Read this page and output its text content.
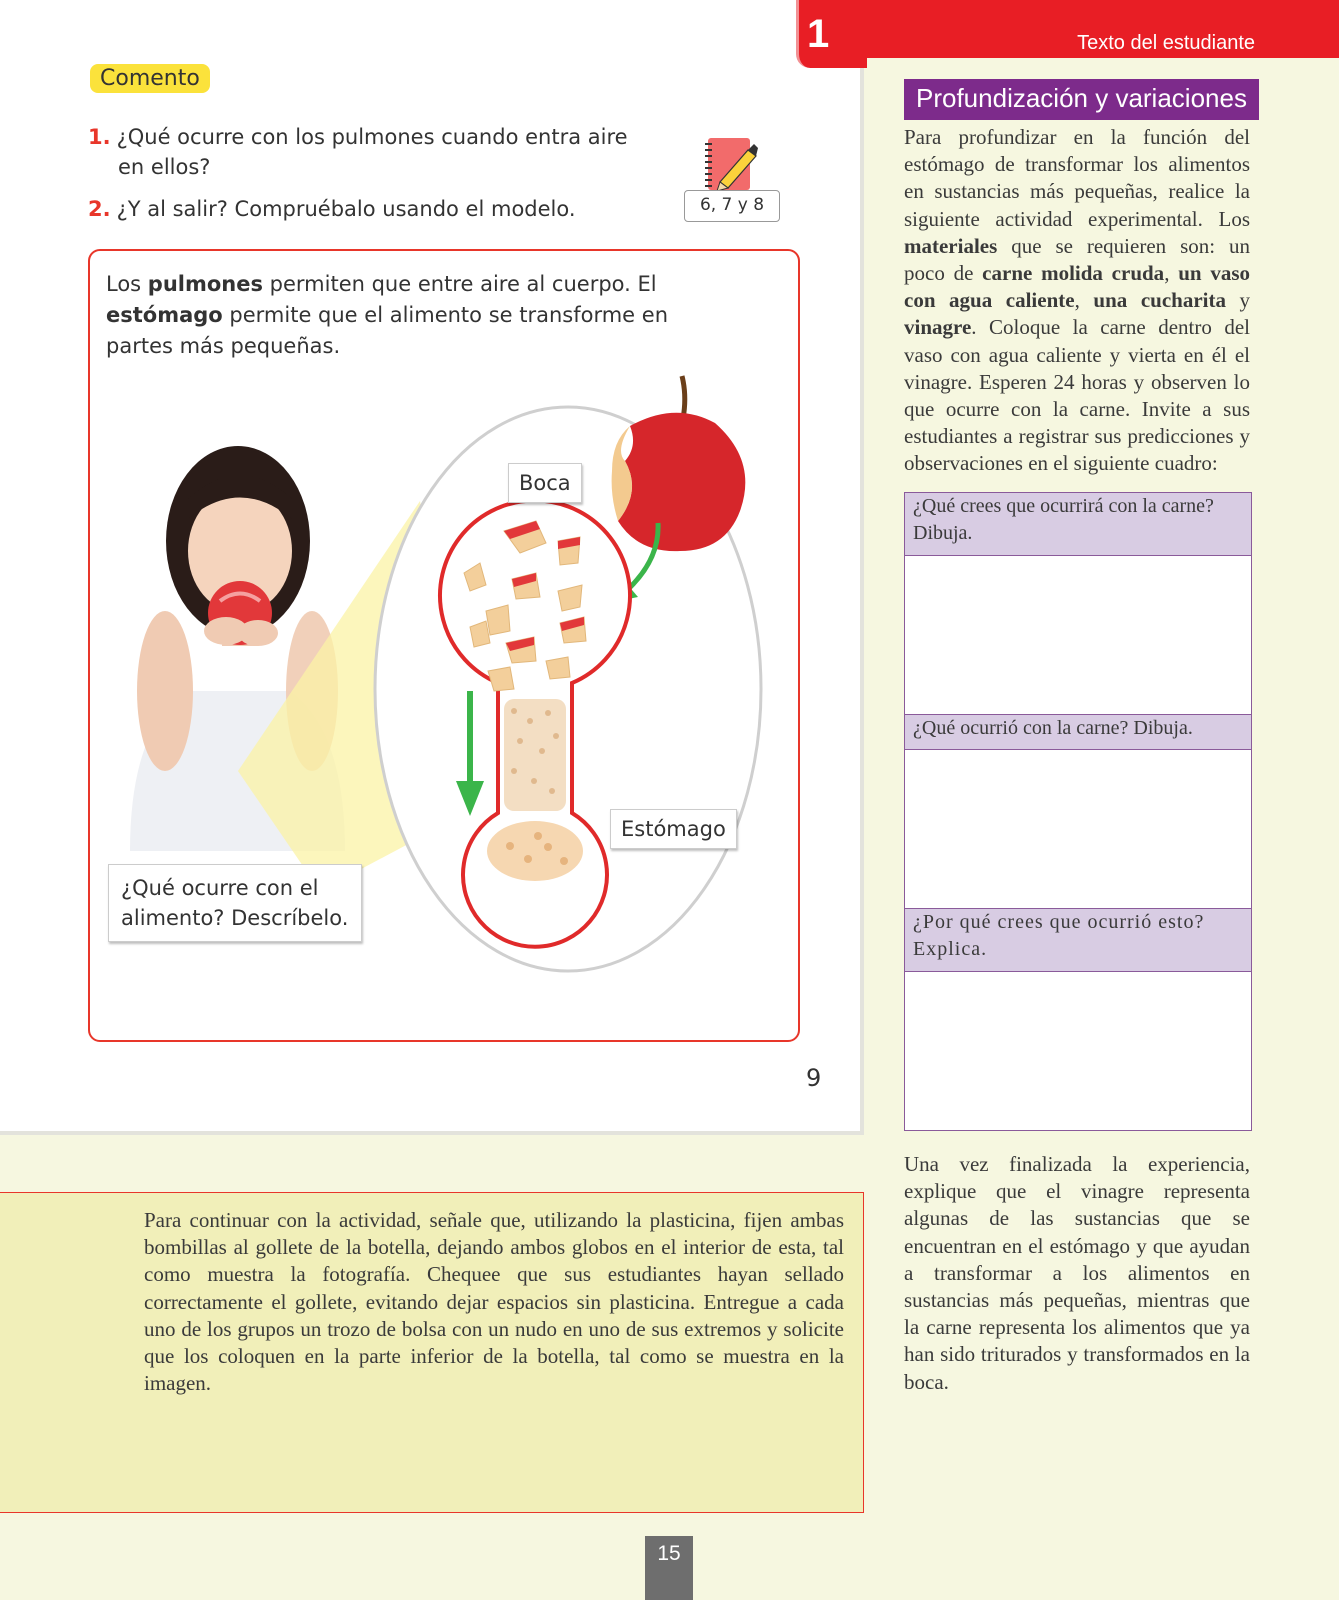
Comento
1. ¿Qué ocurre con los pulmones cuando entra aire
en ellos?
2. ¿Y al salir? Compruébalo usando el modelo.	6, 7 y 8
Los pulmones permiten que entre aire al cuerpo. El estómago permite que el alimento se transforme en partes más pequeñas.
Boca
Estómago
¿Qué ocurre con el
alimento? Descríbelo.
9
1	Texto del estudiante
Profundización y variaciones
Para profundizar en la función del estómago de transformar los alimentos en sustancias más pequeñas, realice la siguiente actividad experimental. Los materiales que se requieren son: un poco de carne molida cruda, un vaso con agua caliente, una cucharita y vinagre. Coloque la carne dentro del vaso con agua caliente y vierta en él el vinagre. Esperen 24 horas y observen lo que ocurre con la carne. Invite a sus estudiantes a registrar sus predicciones y observaciones en el siguiente cuadro:
¿Qué crees que ocurrirá con la carne? Dibuja.

¿Qué ocurrió con la carne? Dibuja.

¿Por qué crees que ocurrió esto? Explica.

Una vez finalizada la experiencia, explique que el vinagre representa algunas de las sustancias que se encuentran en el estómago y que ayudan a transformar a los alimentos en sustancias más pequeñas, mientras que la carne representa los alimentos que ya han sido triturados y transformados en la boca.
Para continuar con la actividad, señale que, utilizando la plasticina, fijen ambas bombillas al gollete de la botella, dejando ambos globos en el interior de esta, tal como muestra la fotografía. Chequee que sus estudiantes hayan sellado correctamente el gollete, evitando dejar espacios sin plasticina. Entregue a cada uno de los grupos un trozo de bolsa con un nudo en uno de sus extremos y solicite que los coloquen en la parte inferior de la botella, tal como se muestra en la imagen.
15
